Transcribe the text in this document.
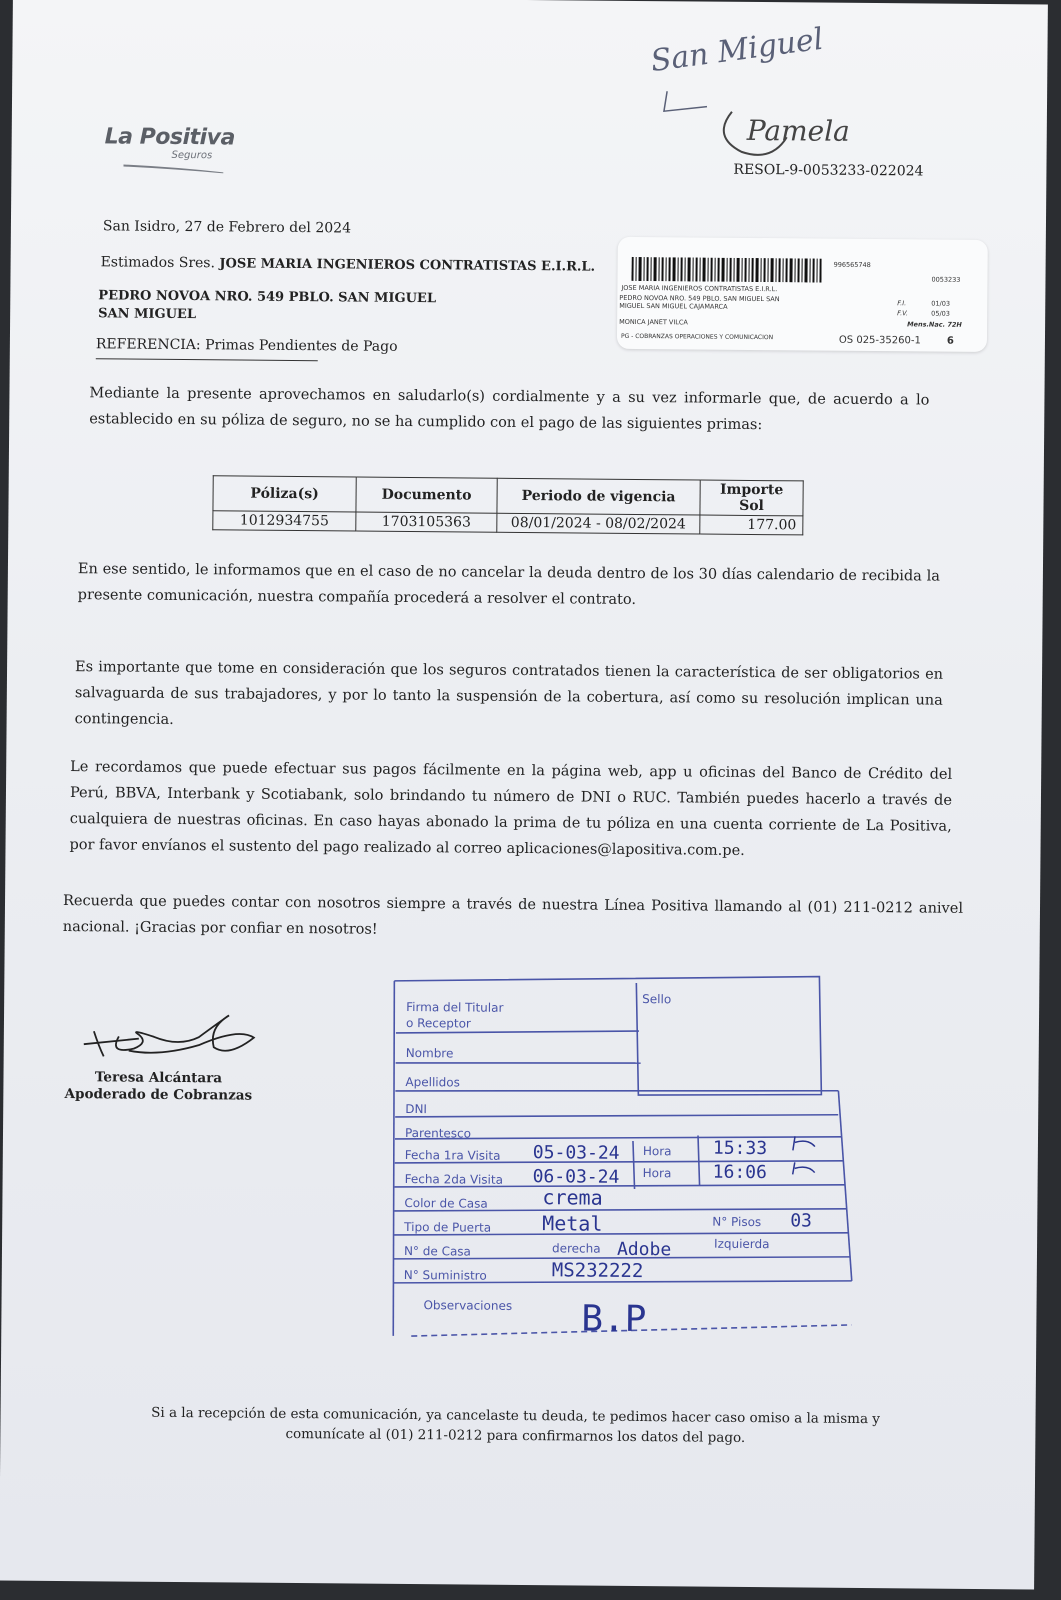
La Positiva
Seguros
San Miguel
Pamela
RESOL-9-0053233-022024
San Isidro, 27 de Febrero del 2024
Estimados Sres. JOSE MARIA INGENIEROS CONTRATISTAS E.I.R.L.
PEDRO NOVOA NRO. 549 PBLO. SAN MIGUEL
SAN MIGUEL
REFERENCIA: Primas Pendientes de Pago
996565748
0053233
JOSE MARIA INGENIEROS CONTRATISTAS E.I.R.L.
PEDRO NOVOA NRO. 549 PBLO. SAN MIGUEL SAN
MIGUEL SAN MIGUEL CAJAMARCA	F.I.	01/03
F.V.	05/03
Mens.Nac. 72H
MONICA JANET VILCA
PG - COBRANZAS OPERACIONES Y COMUNICACION	OS 025-35260-1	6
Mediante la presente aprovechamos en saludarlo(s) cordialmente y a su vez informarle que, de acuerdo a lo establecido en su póliza de seguro, no se ha cumplido con el pago de las siguientes primas:
Póliza(s)	Documento	Periodo de vigencia	Importe Sol
1012934755	1703105363	08/01/2024 - 08/02/2024	177.00
En ese sentido, le informamos que en el caso de no cancelar la deuda dentro de los 30 días calendario de recibida la presente comunicación, nuestra compañía procederá a resolver el contrato.
Es importante que tome en consideración que los seguros contratados tienen la característica de ser obligatorios en salvaguarda de sus trabajadores, y por lo tanto la suspensión de la cobertura, así como su resolución implican una contingencia.
Le recordamos que puede efectuar sus pagos fácilmente en la página web, app u oficinas del Banco de Crédito del Perú, BBVA, Interbank y Scotiabank, solo brindando tu número de DNI o RUC. También puedes hacerlo a través de cualquiera de nuestras oficinas. En caso hayas abonado la prima de tu póliza en una cuenta corriente de La Positiva, por favor envíanos el sustento del pago realizado al correo aplicaciones@lapositiva.com.pe.
Recuerda que puedes contar con nosotros siempre a través de nuestra Línea Positiva llamando al (01) 211-0212 anivel nacional. ¡Gracias por confiar en nosotros!
Teresa Alcántara
Apoderado de Cobranzas
Firma del Titular
o Receptor
Sello
Nombre
Apellidos
DNI
Parentesco
Fecha 1ra Visita 05-03-24 Hora 15:33
Fecha 2da Visita 06-03-24 Hora 16:06
Color de Casa	crema
Tipo de Puerta	Metal	N° Pisos 03
N° de Casa	derecha Adobe	Izquierda
N° Suministro	MS232222
Observaciones B.P
Si a la recepción de esta comunicación, ya cancelaste tu deuda, te pedimos hacer caso omiso a la misma y comunícate al (01) 211-0212 para confirmarnos los datos del pago.
